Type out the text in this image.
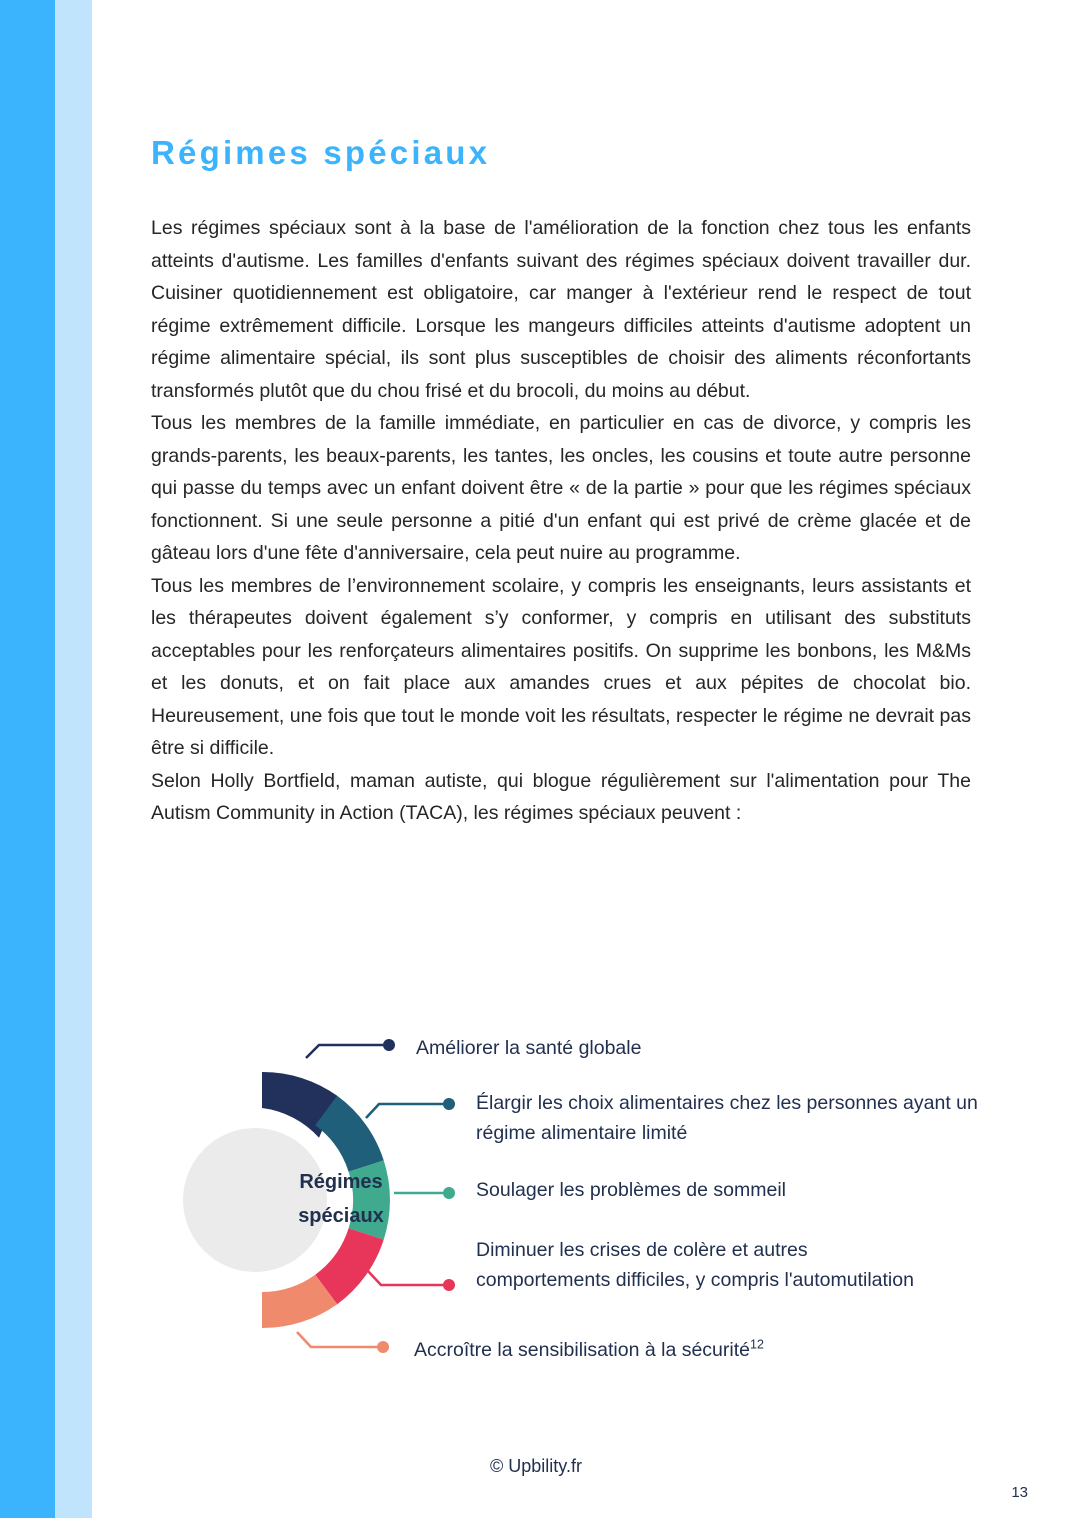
Régimes spéciaux

Les régimes spéciaux sont à la base de l'amélioration de la fonction chez tous les enfants atteints d'autisme. Les familles d'enfants suivant des régimes spéciaux doivent travailler dur. Cuisiner quotidiennement est obligatoire, car manger à l'extérieur rend le respect de tout régime extrêmement difficile. Lorsque les mangeurs difficiles atteints d'autisme adoptent un régime alimentaire spécial, ils sont plus susceptibles de choisir des aliments réconfortants transformés plutôt que du chou frisé et du brocoli, du moins au début.

Tous les membres de la famille immédiate, en particulier en cas de divorce, y compris les grands-parents, les beaux-parents, les tantes, les oncles, les cousins et toute autre personne qui passe du temps avec un enfant doivent être « de la partie » pour que les régimes spéciaux fonctionnent. Si une seule personne a pitié d'un enfant qui est privé de crème glacée et de gâteau lors d'une fête d'anniversaire, cela peut nuire au programme.

Tous les membres de l’environnement scolaire, y compris les enseignants, leurs assistants et les thérapeutes doivent également s’y conformer, y compris en utilisant des substituts acceptables pour les renforçateurs alimentaires positifs. On supprime les bonbons, les M&Ms et les donuts, et on fait place aux amandes crues et aux pépites de chocolat bio. Heureusement, une fois que tout le monde voit les résultats, respecter le régime ne devrait pas être si difficile.

Selon Holly Bortfield, maman autiste, qui blogue régulièrement sur l'alimentation pour The Autism Community in Action (TACA), les régimes spéciaux peuvent :

Régimes
spéciaux
Améliorer la santé globale
Élargir les choix alimentaires chez les personnes ayant un régime alimentaire limité
Soulager les problèmes de sommeil
Diminuer les crises de colère et autres comportements difficiles, y compris l'automutilation
Accroître la sensibilisation à la sécurité$^{12}$
© Upbility.fr
13
